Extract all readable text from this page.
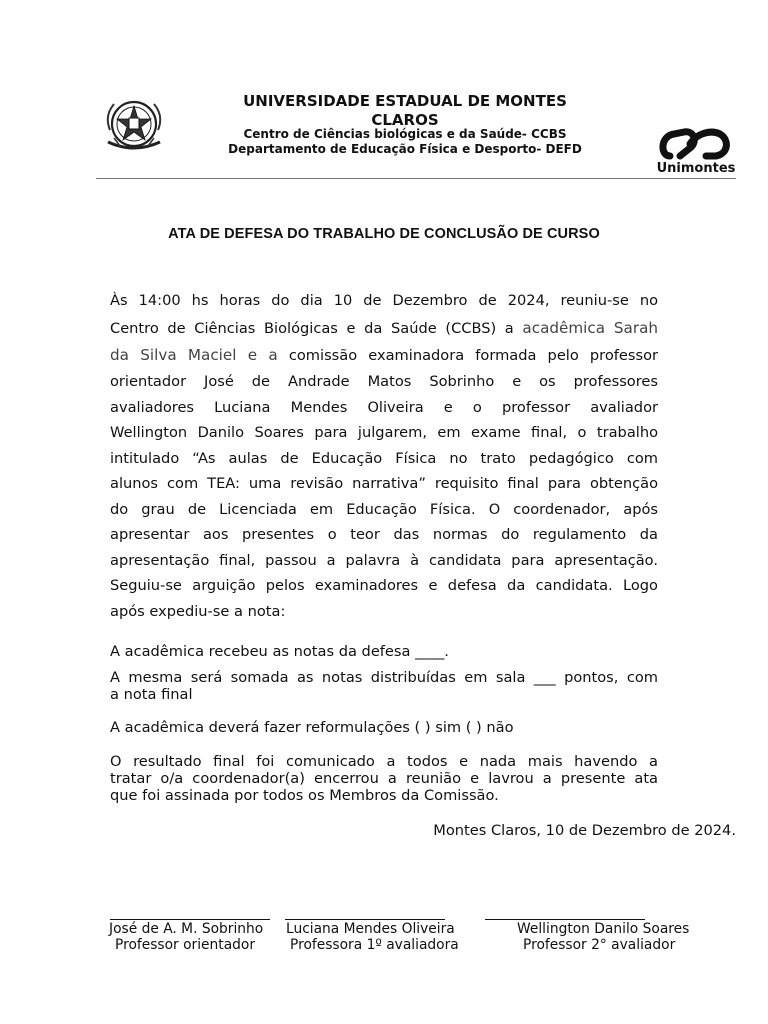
UNIVERSIDADE ESTADUAL DE MONTES
CLAROS
Centro de Ciências biológicas e da Saúde- CCBS
Departamento de Educação Física e Desporto- DEFD
Unimontes
ATA DE DEFESA DO TRABALHO DE CONCLUSÃO DE CURSO
Às 14:00 hs horas do dia 10 de Dezembro de 2024, reuniu-se no
Centro de Ciências Biológicas e da Saúde (CCBS) a acadêmica Sarah
da Silva Maciel e a comissão examinadora formada pelo professor
orientador José de Andrade Matos Sobrinho e os professores
avaliadores Luciana Mendes Oliveira e o professor avaliador
Wellington Danilo Soares para julgarem, em exame final, o trabalho
intitulado “As aulas de Educação Física no trato pedagógico com
alunos com TEA: uma revisão narrativa” requisito final para obtenção
do grau de Licenciada em Educação Física. O coordenador, após
apresentar aos presentes o teor das normas do regulamento da
apresentação final, passou a palavra à candidata para apresentação.
Seguiu-se arguição pelos examinadores e defesa da candidata. Logo
após expediu-se a nota:
A acadêmica recebeu as notas da defesa ____.
A mesma será somada as notas distribuídas em sala ___ pontos, com
a nota final
A acadêmica deverá fazer reformulações ( ) sim ( ) não
O resultado final foi comunicado a todos e nada mais havendo a
tratar o/a coordenador(a) encerrou a reunião e lavrou a presente ata
que foi assinada por todos os Membros da Comissão.
Montes Claros, 10 de Dezembro de 2024.
José de A. M. Sobrinho
Professor orientador
Luciana Mendes Oliveira
Professora 1º avaliadora
Wellington Danilo Soares
Professor 2° avaliador
